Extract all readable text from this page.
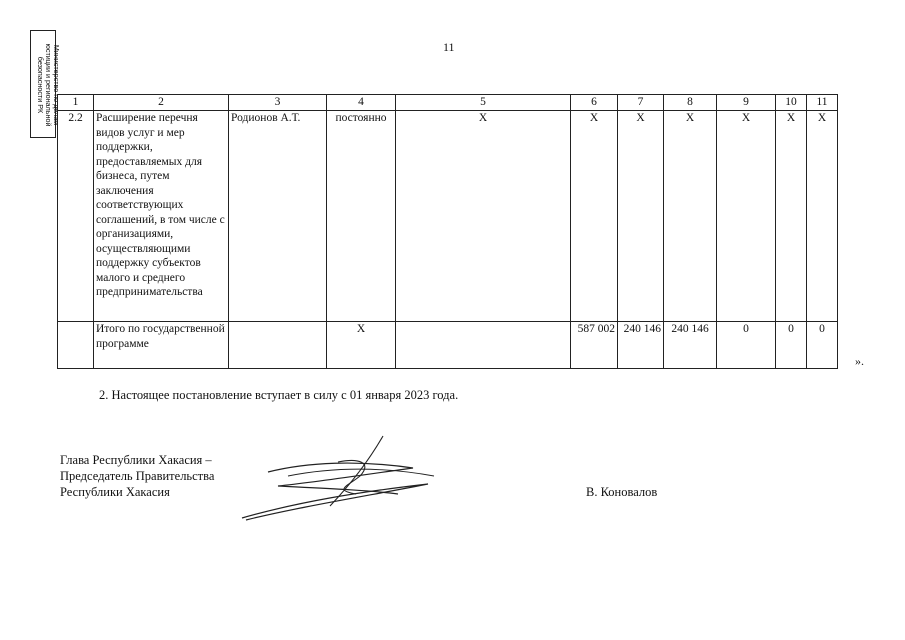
11
Министерство по делам
юстиции и региональной
безопасности РК
1	2	3	4	5	6	7	8	9	10	11
2.2	Расширение перечня видов услуг и мер поддержки, предоставляемых для бизнеса, путем заключения соответствующих соглашений, в том числе с организациями, осуществляющими поддержку субъектов малого и среднего предпринимательства	Родионов А.Т.	постоянно	Х	Х	Х	Х	Х	Х	Х
	Итого по государственной программе		Х		587 002	240 146	240 146	0	0	0
».
2. Настоящее постановление вступает в силу с 01 января 2023 года.
Глава Республики Хакасия –
Председатель Правительства
Республики Хакасия	В. Коновалов
